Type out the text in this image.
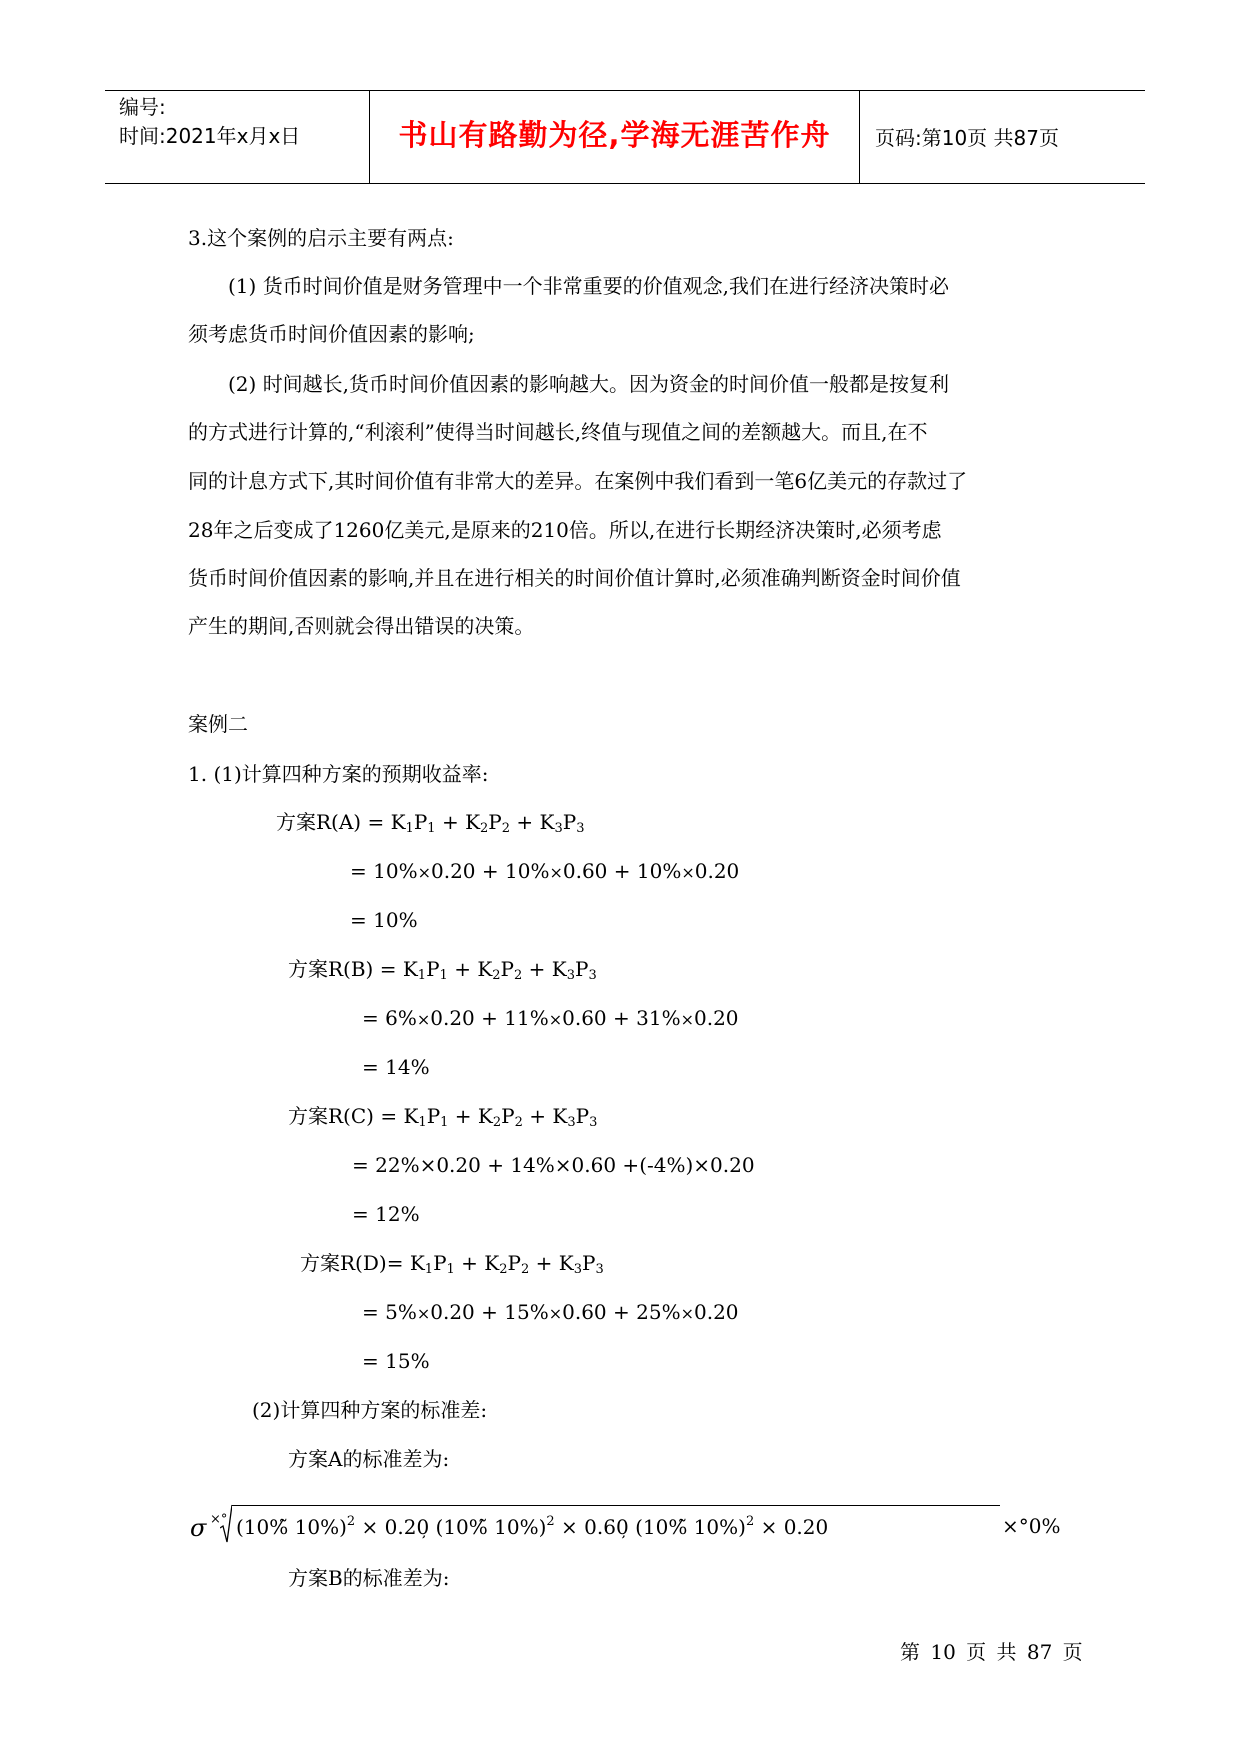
编号:
时间:2021年x月x日	书山有路勤为径,学海无涯苦作舟	页码:第10页 共87页
3.这个案例的启示主要有两点:
(1) 货币时间价值是财务管理中一个非常重要的价值观念,我们在进行经济决策时必
须考虑货币时间价值因素的影响;
(2) 时间越长,货币时间价值因素的影响越大。因为资金的时间价值一般都是按复利
的方式进行计算的,“利滚利”使得当时间越长,终值与现值之间的差额越大。而且,在不
同的计息方式下,其时间价值有非常大的差异。在案例中我们看到一笔6亿美元的存款过了
28年之后变成了1260亿美元,是原来的210倍。所以,在进行长期经济决策时,必须考虑
货币时间价值因素的影响,并且在进行相关的时间价值计算时,必须准确判断资金时间价值
产生的期间,否则就会得出错误的决策。
案例二
1. (1)计算四种方案的预期收益率:
方案$R(A) = K_1P_1 + K_2P_2 + K_3P_3$
= 10%×0.20 + 10%×0.60 + 10%×0.20
= 10%
方案$R(B) = K_1P_1 + K_2P_2 + K_3P_3$
= 6%×0.20 + 11%×0.60 + 31%×0.20
= 14%
方案$R(C) = K_1P_1 + K_2P_2 + K_3P_3$
= 22%×0.20 + 14%×0.60 +(-4%)×0.20
= 12%
方案$R(D)= K_1P_1 + K_2P_2 + K_3P_3$
= 5%×0.20 + 15%×0.60 + 25%×0.20
= 15%
(2)计算四种方案的标准差:
方案A的标准差为:
σ ×° (10%̃ 10%)$^2$ × 0.20̦ (10%̃ 10%)$^2$ × 0.60̦ (10%̃ 10%)$^2$ × 0.20	×°0%
方案B的标准差为:
第 10 页 共 87 页
